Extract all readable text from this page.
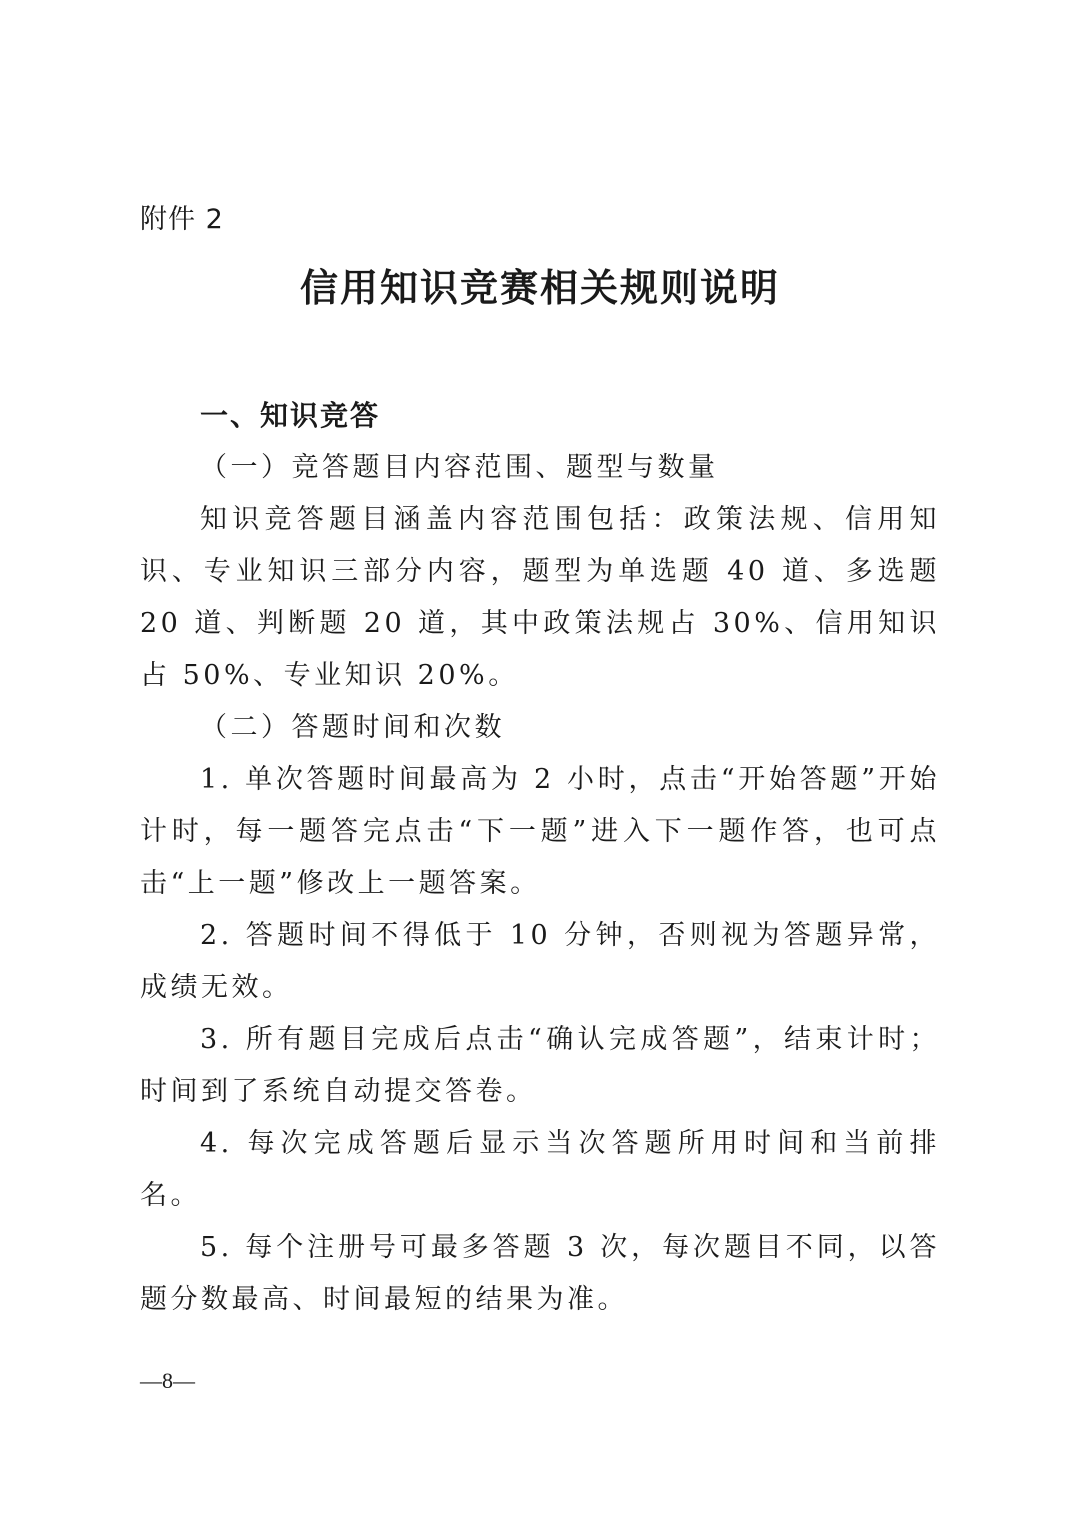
附件 2
信用知识竞赛相关规则说明

一、知识竞答

（一）竞答题目内容范围、题型与数量

知识竞答题目涵盖内容范围包括：政策法规、信用知识、专业知识三部分内容，题型为单选题 40 道、多选题 20 道、判断题 20 道，其中政策法规占 30%、信用知识占 50%、专业知识 20%。

（二）答题时间和次数

1. 单次答题时间最高为 2 小时，点击“开始答题”开始计时，每一题答完点击“下一题”进入下一题作答，也可点击“上一题”修改上一题答案。

2. 答题时间不得低于 10 分钟，否则视为答题异常，成绩无效。

3. 所有题目完成后点击“确认完成答题”，结束计时；时间到了系统自动提交答卷。

4. 每次完成答题后显示当次答题所用时间和当前排名。

5. 每个注册号可最多答题 3 次，每次题目不同，以答题分数最高、时间最短的结果为准。

—8—
